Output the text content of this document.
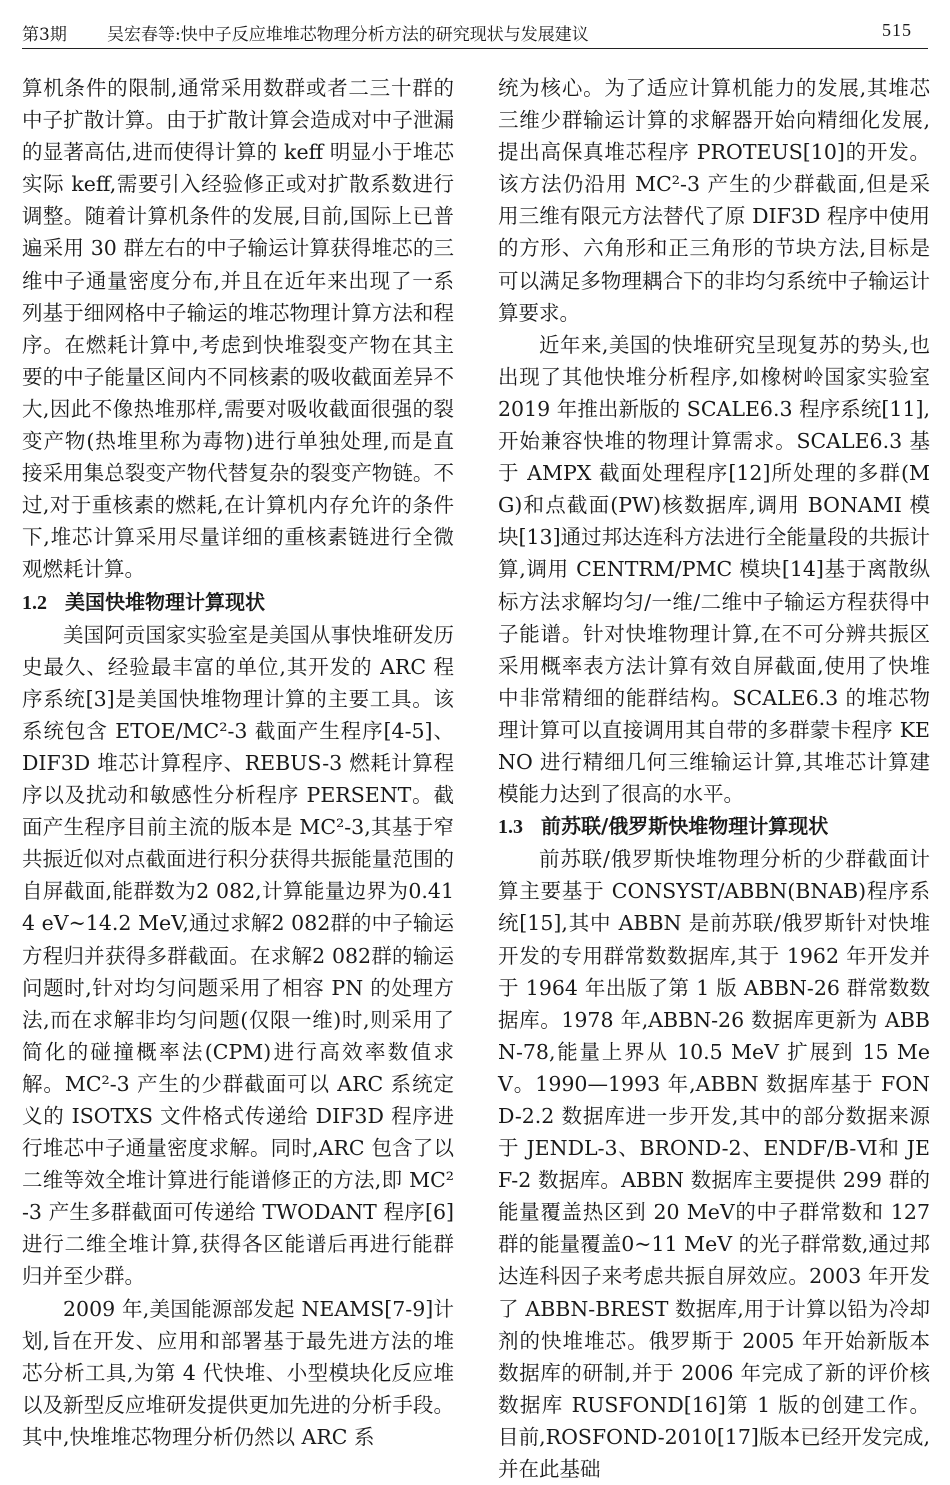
第3期 吴宏春等:快中子反应堆堆芯物理分析方法的研究现状与发展建议	515

算机条件的限制,通常采用数群或者二三十群的中子扩散计算。由于扩散计算会造成对中子泄漏的显著高估,进而使得计算的 keff 明显小于堆芯实际 keff,需要引入经验修正或对扩散系数进行调整。随着计算机条件的发展,目前,国际上已普遍采用 30 群左右的中子输运计算获得堆芯的三维中子通量密度分布,并且在近年来出现了一系列基于细网格中子输运的堆芯物理计算方法和程序。在燃耗计算中,考虑到快堆裂变产物在其主要的中子能量区间内不同核素的吸收截面差异不大,因此不像热堆那样,需要对吸收截面很强的裂变产物(热堆里称为毒物)进行单独处理,而是直接采用集总裂变产物代替复杂的裂变产物链。不过,对于重核素的燃耗,在计算机内存允许的条件下,堆芯计算采用尽量详细的重核素链进行全微观燃耗计算。

1.2 美国快堆物理计算现状

美国阿贡国家实验室是美国从事快堆研发历史最久、经验最丰富的单位,其开发的 ARC 程序系统[3]是美国快堆物理计算的主要工具。该系统包含 ETOE/MC²-3 截面产生程序[4-5]、DIF3D 堆芯计算程序、REBUS-3 燃耗计算程序以及扰动和敏感性分析程序 PERSENT。截面产生程序目前主流的版本是 MC²-3,其基于窄共振近似对点截面进行积分获得共振能量范围的自屏截面,能群数为2 082,计算能量边界为0.414 eV~14.2 MeV,通过求解2 082群的中子输运方程归并获得多群截面。在求解2 082群的输运问题时,针对均匀问题采用了相容 PN 的处理方法,而在求解非均匀问题(仅限一维)时,则采用了简化的碰撞概率法(CPM)进行高效率数值求解。MC²-3 产生的少群截面可以 ARC 系统定义的 ISOTXS 文件格式传递给 DIF3D 程序进行堆芯中子通量密度求解。同时,ARC 包含了以二维等效全堆计算进行能谱修正的方法,即 MC²-3 产生多群截面可传递给 TWODANT 程序[6]进行二维全堆计算,获得各区能谱后再进行能群归并至少群。

2009 年,美国能源部发起 NEAMS[7-9]计划,旨在开发、应用和部署基于最先进方法的堆芯分析工具,为第 4 代快堆、小型模块化反应堆以及新型反应堆研发提供更加先进的分析手段。其中,快堆堆芯物理分析仍然以 ARC 系

统为核心。为了适应计算机能力的发展,其堆芯三维少群输运计算的求解器开始向精细化发展,提出高保真堆芯程序 PROTEUS[10]的开发。该方法仍沿用 MC²-3 产生的少群截面,但是采用三维有限元方法替代了原 DIF3D 程序中使用的方形、六角形和正三角形的节块方法,目标是可以满足多物理耦合下的非均匀系统中子输运计算要求。

近年来,美国的快堆研究呈现复苏的势头,也出现了其他快堆分析程序,如橡树岭国家实验室 2019 年推出新版的 SCALE6.3 程序系统[11],开始兼容快堆的物理计算需求。SCALE6.3 基于 AMPX 截面处理程序[12]所处理的多群(MG)和点截面(PW)核数据库,调用 BONAMI 模块[13]通过邦达连科方法进行全能量段的共振计算,调用 CENTRM/PMC 模块[14]基于离散纵标方法求解均匀/一维/二维中子输运方程获得中子能谱。针对快堆物理计算,在不可分辨共振区采用概率表方法计算有效自屏截面,使用了快堆中非常精细的能群结构。SCALE6.3 的堆芯物理计算可以直接调用其自带的多群蒙卡程序 KENO 进行精细几何三维输运计算,其堆芯计算建模能力达到了很高的水平。

1.3 前苏联/俄罗斯快堆物理计算现状

前苏联/俄罗斯快堆物理分析的少群截面计算主要基于 CONSYST/ABBN(BNAB)程序系统[15],其中 ABBN 是前苏联/俄罗斯针对快堆开发的专用群常数数据库,其于 1962 年开发并于 1964 年出版了第 1 版 ABBN-26 群常数数据库。1978 年,ABBN-26 数据库更新为 ABBN-78,能量上界从 10.5 MeV 扩展到 15 MeV。1990—1993 年,ABBN 数据库基于 FOND-2.2 数据库进一步开发,其中的部分数据来源于 JENDL-3、BROND-2、ENDF/B-Ⅵ和 JEF-2 数据库。ABBN 数据库主要提供 299 群的能量覆盖热区到 20 MeV的中子群常数和 127 群的能量覆盖0~11 MeV 的光子群常数,通过邦达连科因子来考虑共振自屏效应。2003 年开发了 ABBN-BREST 数据库,用于计算以铅为冷却剂的快堆堆芯。俄罗斯于 2005 年开始新版本数据库的研制,并于 2006 年完成了新的评价核数据库 RUSFOND[16]第 1 版的创建工作。目前,ROSFOND-2010[17]版本已经开发完成,并在此基础
